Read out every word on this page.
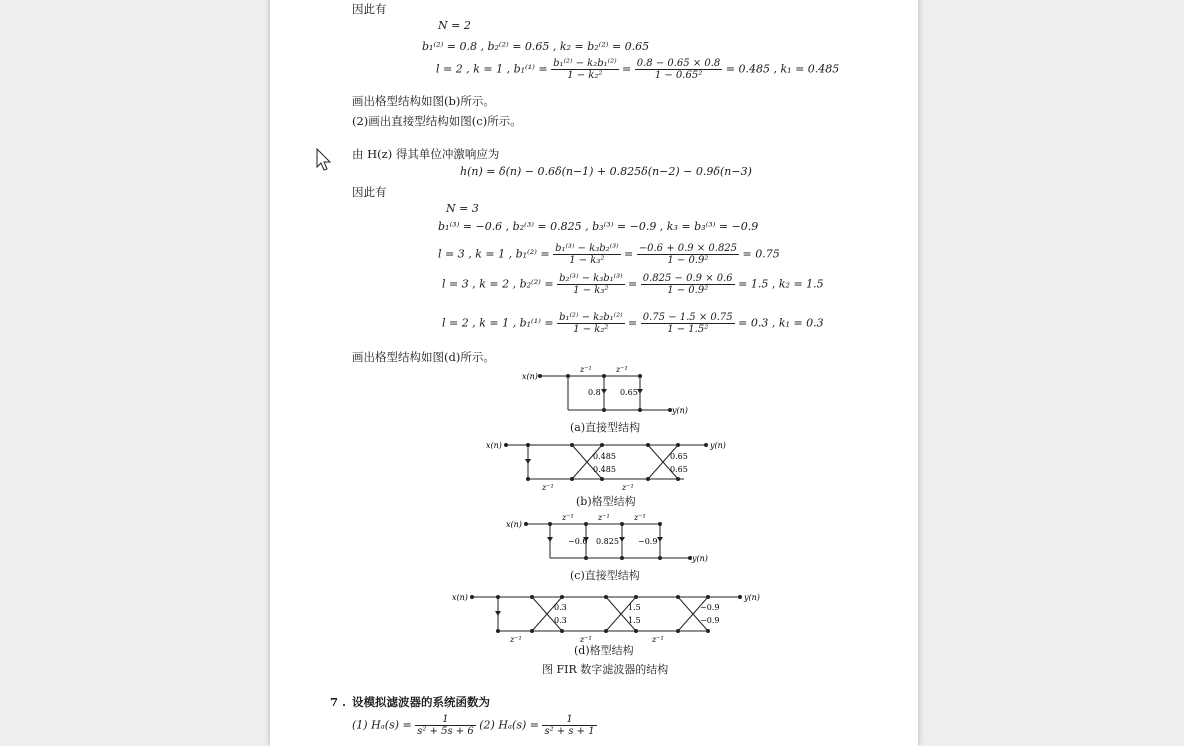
因此有
N = 2
b₁⁽²⁾ = 0.8 , b₂⁽²⁾ = 0.65 , k₂ = b₂⁽²⁾ = 0.65
l = 2 , k = 1 , $b_1^{(1)} = \frac{\text{b₁⁽²⁾ − k₂b₁⁽²⁾}}{\text{1 − k₂²}} = \frac{0.8 - 0.65 \times 0.8}{\text{1 − 0.65²}} = 0.485$ , k₁ = 0.485
画出格型结构如图(b)所示。
(2)画出直接型结构如图(c)所示。
由 H(z) 得其单位冲激响应为
h(n) = δ(n) − 0.6δ(n−1) + 0.825δ(n−2) − 0.9δ(n−3)
因此有
N = 3
b₁⁽³⁾ = −0.6 , b₂⁽³⁾ = 0.825 , b₃⁽³⁾ = −0.9 , k₃ = b₃⁽³⁾ = −0.9
l = 3 , k = 1 , $b_1^{(2)} = \frac{\text{b₁⁽³⁾ − k₃b₂⁽³⁾}}{\text{1 − k₃²}} = \frac{-0.6 + 0.9 \times 0.825}{\text{1 − 0.9²}} = 0.75$
l = 3 , k = 2 , $b_2^{(2)} = \frac{\text{b₂⁽³⁾ − k₃b₁⁽³⁾}}{\text{1 − k₃²}} = \frac{0.825 - 0.9 \times 0.6}{\text{1 − 0.9²}} = 1.5$ , k₂ = 1.5
l = 2 , k = 1 , $b_1^{(1)} = \frac{\text{b₁⁽²⁾ − k₂b₁⁽²⁾}}{\text{1 − k₂²}} = \frac{0.75 - 1.5 \times 0.75}{\text{1 − 1.5²}} = 0.3$ , k₁ = 0.3
画出格型结构如图(d)所示。
x(n)
z⁻¹	z⁻¹
0.8 0.65
y(n)
(a)直接型结构
x(n)	y(n)
0.485
0.485
0.65
0.65
z⁻¹	z⁻¹
(b)格型结构
x(n)
z⁻¹	z⁻¹	z⁻¹
−0.6 0.825 −0.9
y(n)
(c)直接型结构
x(n)	y(n)
0.3
0.3
1.5
1.5
−0.9
−0.9
z⁻¹	z⁻¹	z⁻¹
(d)格型结构
图 FIR 数字滤波器的结构
7 . 设模拟滤波器的系统函数为
(1) $H_a(s) = \frac{1}{\text{s² + 5s + 6}} (2) H_a(s) = \frac{1}{\text{s² + s + 1}}$
